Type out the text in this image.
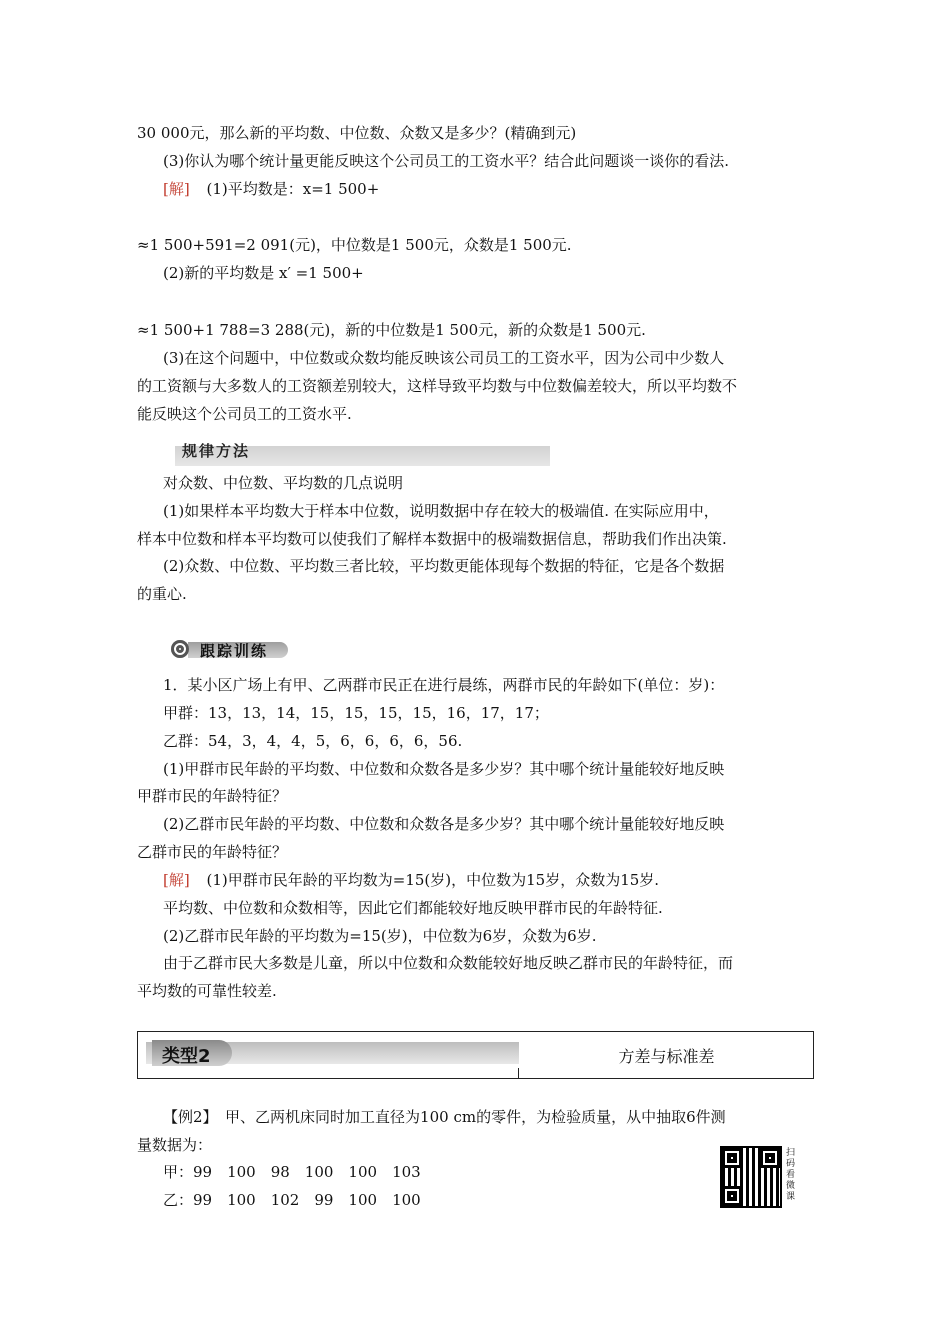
30 000元，那么新的平均数、中位数、众数又是多少？(精确到元)
(3)你认为哪个统计量更能反映这个公司员工的工资水平？结合此问题谈一谈你的看法.
[解] (1)平均数是：x=1 500+
≈1 500+591=2 091(元)，中位数是1 500元，众数是1 500元.
(2)新的平均数是 x′ =1 500+
≈1 500+1 788=3 288(元)，新的中位数是1 500元，新的众数是1 500元.
(3)在这个问题中，中位数或众数均能反映该公司员工的工资水平，因为公司中少数人
的工资额与大多数人的工资额差别较大，这样导致平均数与中位数偏差较大，所以平均数不
能反映这个公司员工的工资水平.
规律方法
对众数、中位数、平均数的几点说明
(1)如果样本平均数大于样本中位数，说明数据中存在较大的极端值. 在实际应用中，
样本中位数和样本平均数可以使我们了解样本数据中的极端数据信息，帮助我们作出决策.
(2)众数、中位数、平均数三者比较，平均数更能体现每个数据的特征，它是各个数据
的重心.
跟踪训练
1．某小区广场上有甲、乙两群市民正在进行晨练，两群市民的年龄如下(单位：岁)：
甲群：13，13，14，15，15，15，15，16，17，17；
乙群：54，3，4，4，5，6，6，6，6，56.
(1)甲群市民年龄的平均数、中位数和众数各是多少岁？其中哪个统计量能较好地反映
甲群市民的年龄特征？
(2)乙群市民年龄的平均数、中位数和众数各是多少岁？其中哪个统计量能较好地反映
乙群市民的年龄特征？
[解] (1)甲群市民年龄的平均数为=15(岁)，中位数为15岁，众数为15岁.
平均数、中位数和众数相等，因此它们都能较好地反映甲群市民的年龄特征.
(2)乙群市民年龄的平均数为=15(岁)，中位数为6岁，众数为6岁.
由于乙群市民大多数是儿童，所以中位数和众数能较好地反映乙群市民的年龄特征，而
平均数的可靠性较差.
类型2	方差与标准差
【例2】　甲、乙两机床同时加工直径为100 cm的零件，为检验质量，从中抽取6件测
量数据为：
甲：99　100　98　100　100　103
乙：99　100　102　99　100　100
扫码看微课
